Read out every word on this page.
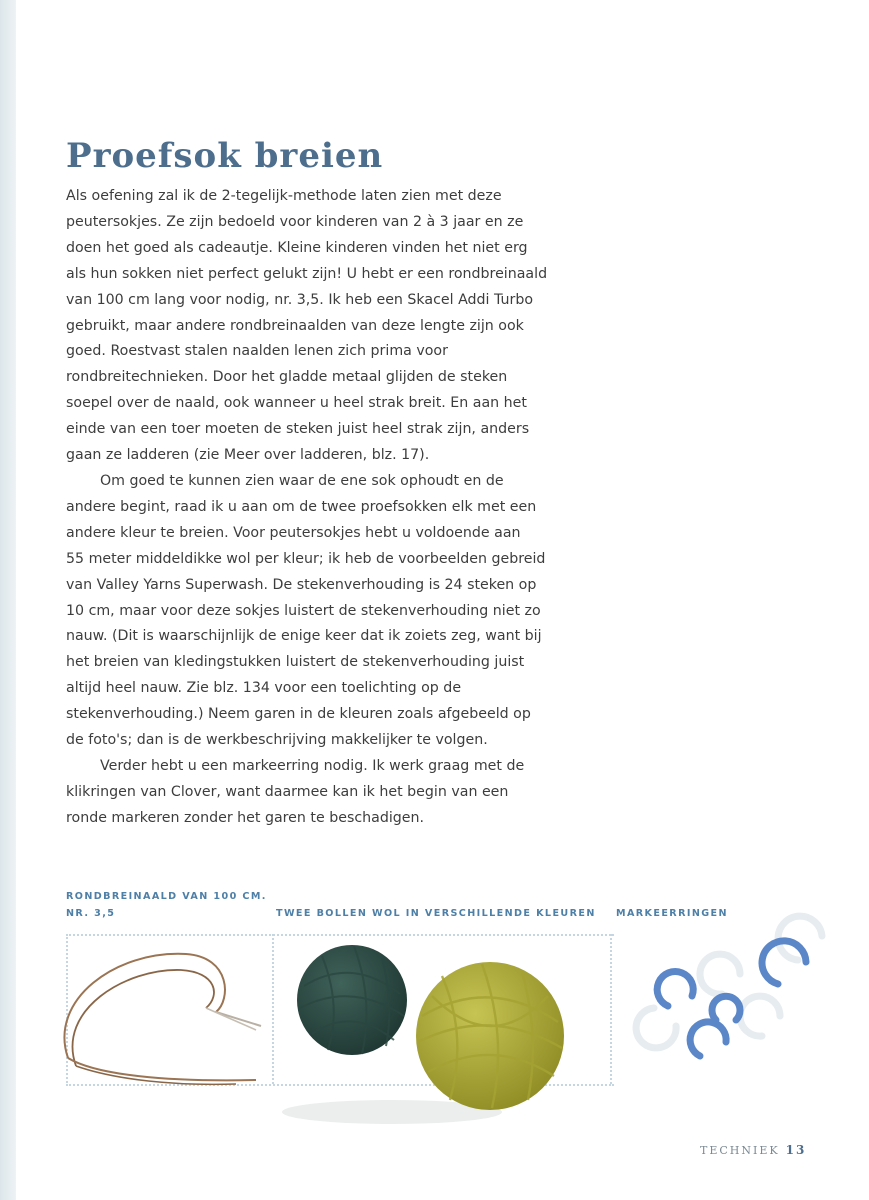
Proefsok breien

Als oefening zal ik de 2-tegelijk-methode laten zien met deze

peutersokjes. Ze zijn bedoeld voor kinderen van 2 à 3 jaar en ze

doen het goed als cadeautje. Kleine kinderen vinden het niet erg

als hun sokken niet perfect gelukt zijn! U hebt er een rondbreinaald

van 100 cm lang voor nodig, nr. 3,5. Ik heb een Skacel Addi Turbo

gebruikt, maar andere rondbreinaalden van deze lengte zijn ook

goed. Roestvast stalen naalden lenen zich prima voor

rondbreitechnieken. Door het gladde metaal glijden de steken

soepel over de naald, ook wanneer u heel strak breit. En aan het

einde van een toer moeten de steken juist heel strak zijn, anders

gaan ze ladderen (zie Meer over ladderen, blz. 17).

Om goed te kunnen zien waar de ene sok ophoudt en de

andere begint, raad ik u aan om de twee proefsokken elk met een

andere kleur te breien. Voor peutersokjes hebt u voldoende aan

55 meter middeldikke wol per kleur; ik heb de voorbeelden gebreid

van Valley Yarns Superwash. De stekenverhouding is 24 steken op

10 cm, maar voor deze sokjes luistert de stekenverhouding niet zo

nauw. (Dit is waarschijnlijk de enige keer dat ik zoiets zeg, want bij

het breien van kledingstukken luistert de stekenverhouding juist

altijd heel nauw. Zie blz. 134 voor een toelichting op de

stekenverhouding.) Neem garen in de kleuren zoals afgebeeld op

de foto's; dan is de werkbeschrijving makkelijker te volgen.

Verder hebt u een markeerring nodig. Ik werk graag met de

klikringen van Clover, want daarmee kan ik het begin van een

ronde markeren zonder het garen te beschadigen.

RONDBREINAALD VAN 100 CM.
NR. 3,5	TWEE BOLLEN WOL IN VERSCHILLENDE KLEUREN MARKEERRINGEN
TECHNIEK 13
